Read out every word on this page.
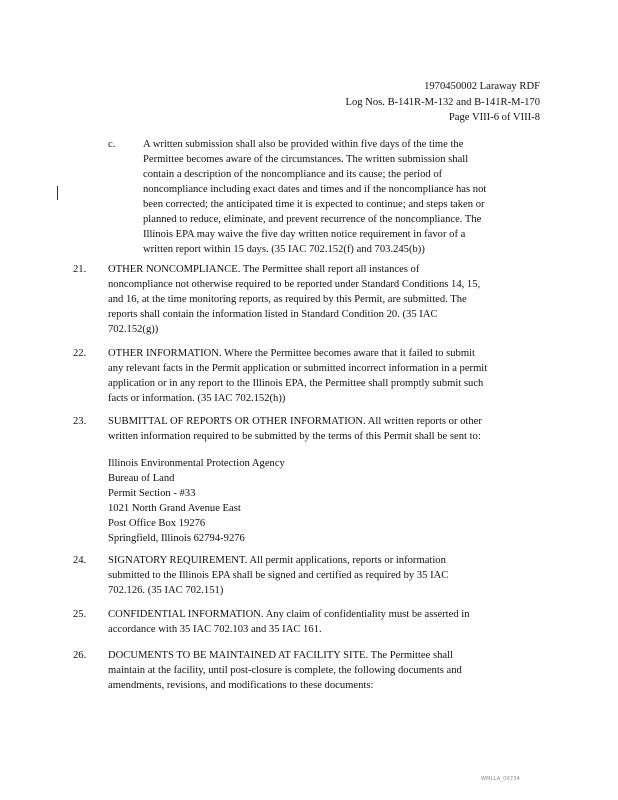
1970450002 Laraway RDF
Log Nos. B-141R-M-132 and B-141R-M-170
Page VIII-6 of VIII-8
c.	A written submission shall also be provided within five days of the time the
Permittee becomes aware of the circumstances. The written submission shall
contain a description of the noncompliance and its cause; the period of
noncompliance including exact dates and times and if the noncompliance has not
been corrected; the anticipated time it is expected to continue; and steps taken or
planned to reduce, eliminate, and prevent recurrence of the noncompliance. The
Illinois EPA may waive the five day written notice requirement in favor of a
written report within 15 days. (35 IAC 702.152(f) and 703.245(b))
21. OTHER NONCOMPLIANCE. The Permittee shall report all instances of
noncompliance not otherwise required to be reported under Standard Conditions 14, 15,
and 16, at the time monitoring reports, as required by this Permit, are submitted. The
reports shall contain the information listed in Standard Condition 20. (35 IAC
702.152(g))
22. OTHER INFORMATION. Where the Permittee becomes aware that it failed to submit
any relevant facts in the Permit application or submitted incorrect information in a permit
application or in any report to the Illinois EPA, the Permittee shall promptly submit such
facts or information. (35 IAC 702.152(h))
23. SUBMITTAL OF REPORTS OR OTHER INFORMATION. All written reports or other
written information required to be submitted by the terms of this Permit shall be sent to:
Illinois Environmental Protection Agency
Bureau of Land
Permit Section - #33
1021 North Grand Avenue East
Post Office Box 19276
Springfield, Illinois 62794-9276
24. SIGNATORY REQUIREMENT. All permit applications, reports or information
submitted to the Illinois EPA shall be signed and certified as required by 35 IAC
702.126. (35 IAC 702.151)
25. CONFIDENTIAL INFORMATION. Any claim of confidentiality must be asserted in
accordance with 35 IAC 702.103 and 35 IAC 161.
26. DOCUMENTS TO BE MAINTAINED AT FACILITY SITE. The Permittee shall
maintain at the facility, until post-closure is complete, the following documents and
amendments, revisions, and modifications to these documents:
WMLLA_00734
